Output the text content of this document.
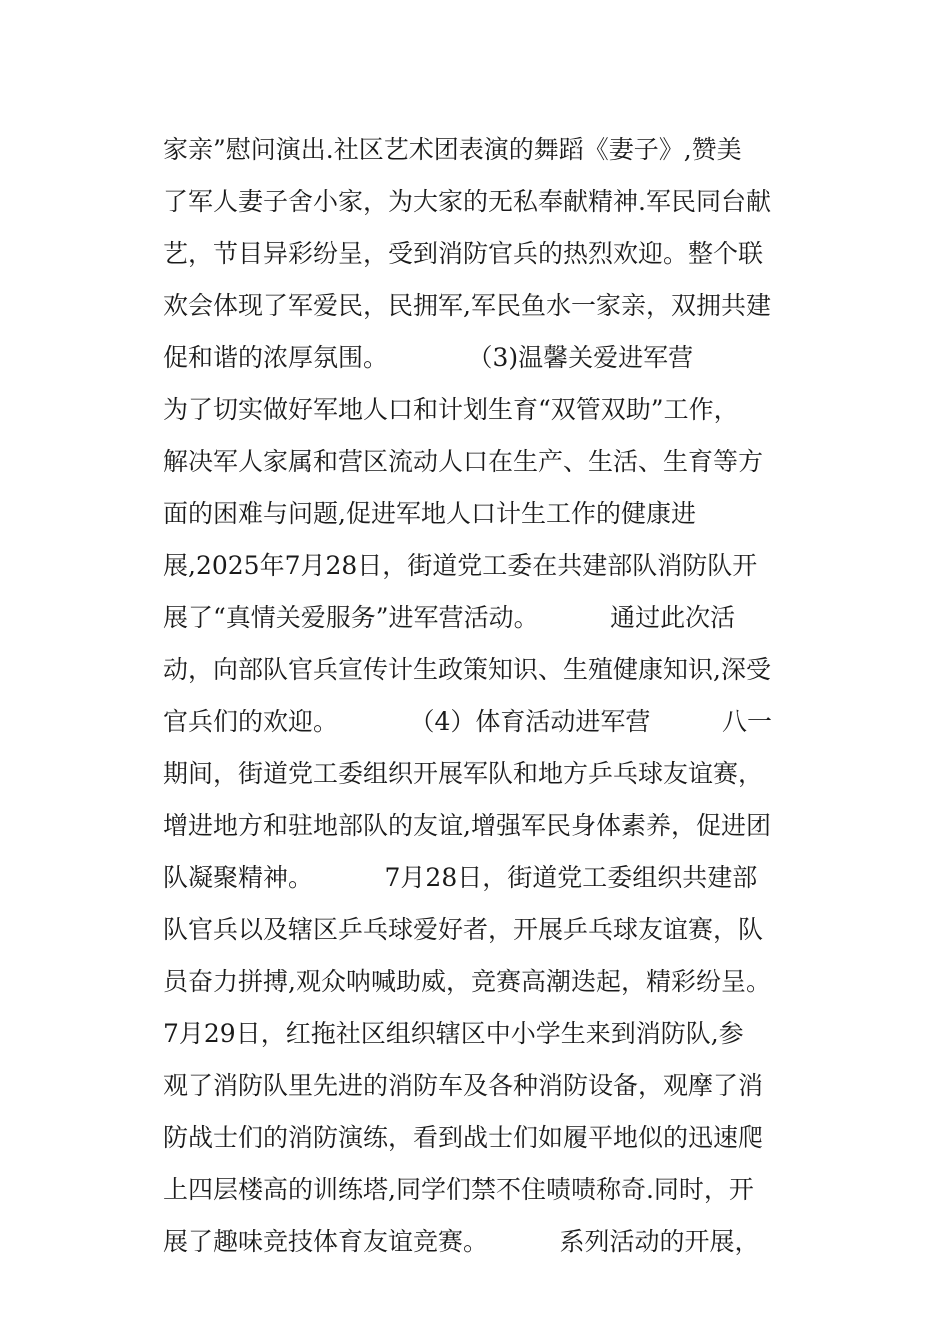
家亲”慰问演出.社区艺术团表演的舞蹈《妻子》,赞美
了军人妻子舍小家，为大家的无私奉献精神.军民同台献
艺，节目异彩纷呈，受到消防官兵的热烈欢迎。整个联
欢会体现了军爱民，民拥军,军民鱼水一家亲，双拥共建
促和谐的浓厚氛围。          （3)温馨关爱进军营
为了切实做好军地人口和计划生育“双管双助”工作，
解决军人家属和营区流动人口在生产、生活、生育等方
面的困难与问题,促进军地人口计生工作的健康进
展,2025年7月28日，街道党工委在共建部队消防队开
展了“真情关爱服务”进军营活动。         通过此次活
动，向部队官兵宣传计生政策知识、生殖健康知识,深受
官兵们的欢迎。         （4）体育活动进军营         八一
期间，街道党工委组织开展军队和地方乒乓球友谊赛，
增进地方和驻地部队的友谊,增强军民身体素养，促进团
队凝聚精神。         7月28日，街道党工委组织共建部
队官兵以及辖区乒乓球爱好者，开展乒乓球友谊赛，队
员奋力拼搏,观众呐喊助威，竞赛高潮迭起，精彩纷呈。
7月29日，红拖社区组织辖区中小学生来到消防队,参
观了消防队里先进的消防车及各种消防设备，观摩了消
防战士们的消防演练，看到战士们如履平地似的迅速爬
上四层楼高的训练塔,同学们禁不住啧啧称奇.同时，开
展了趣味竞技体育友谊竞赛。         系列活动的开展，
